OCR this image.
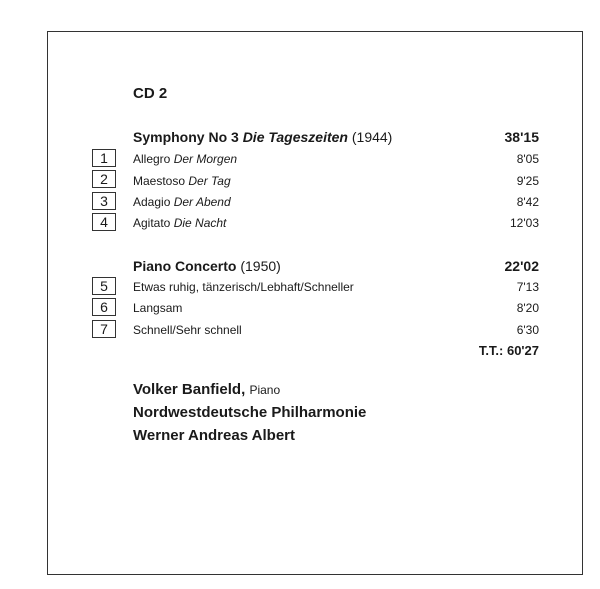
CD 2
Symphony No 3 Die Tageszeiten (1944)	38'15
1	Allegro Der Morgen	8'05
2	Maestoso Der Tag	9'25
3	Adagio Der Abend	8'42
4	Agitato Die Nacht	12'03
Piano Concerto (1950)	22'02
5	Etwas ruhig, tänzerisch/Lebhaft/Schneller	7'13
6	Langsam	8'20
7	Schnell/Sehr schnell	6'30
T.T.: 60'27
Volker Banfield, Piano
Nordwestdeutsche Philharmonie
Werner Andreas Albert
